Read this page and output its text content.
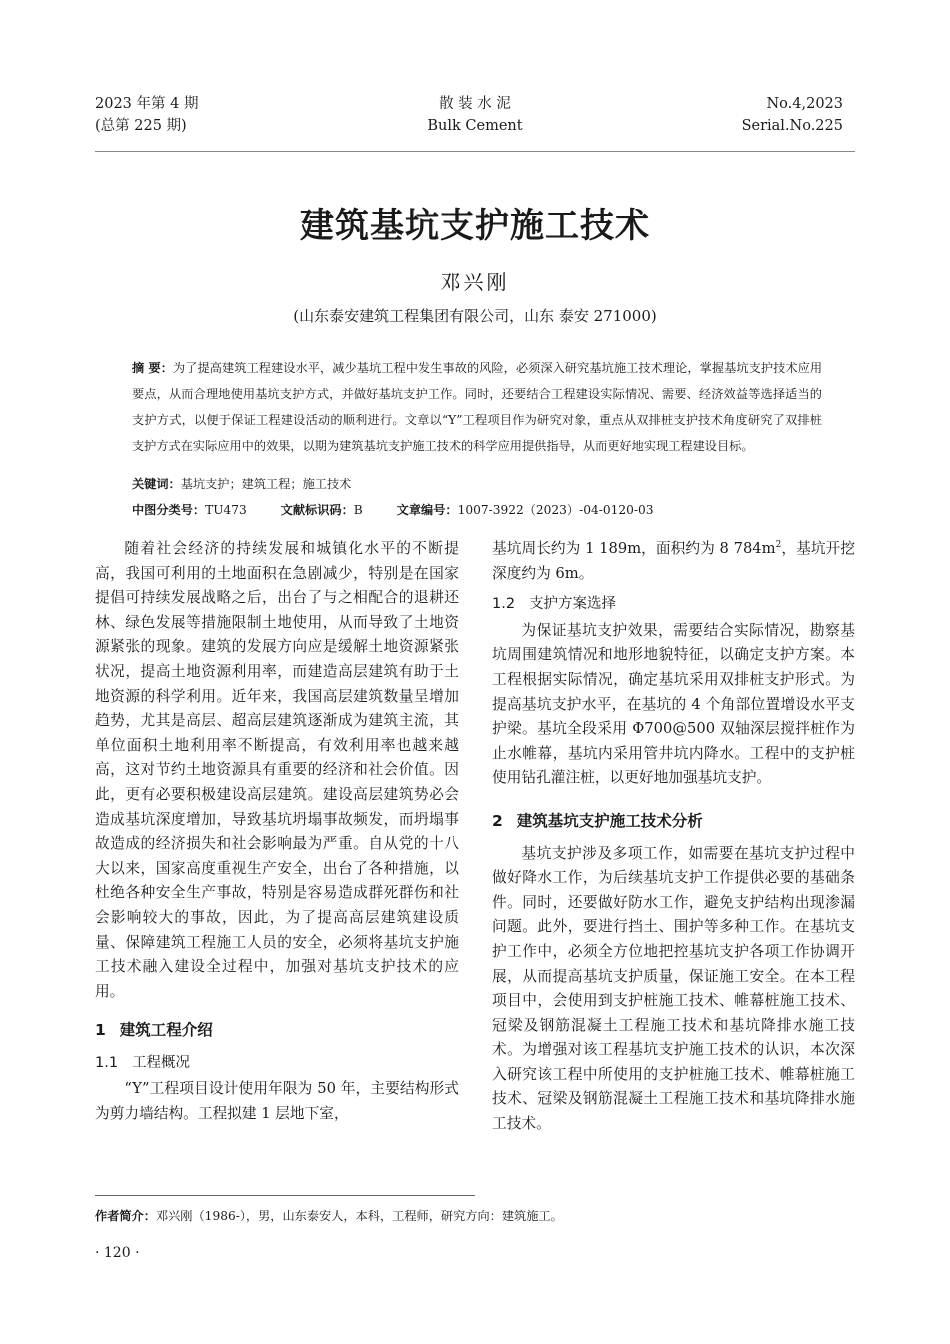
2023 年第 4 期
(总第 225 期)
散 装 水 泥
Bulk Cement
No.4,2023
Serial.No.225
建筑基坑支护施工技术
邓兴刚
(山东泰安建筑工程集团有限公司，山东 泰安 271000)
摘 要：为了提高建筑工程建设水平，减少基坑工程中发生事故的风险，必须深入研究基坑施工技术理论，掌握基坑支护技术应用要点，从而合理地使用基坑支护方式，并做好基坑支护工作。同时，还要结合工程建设实际情况、需要、经济效益等选择适当的支护方式，以便于保证工程建设活动的顺利进行。文章以“Y”工程项目作为研究对象，重点从双排桩支护技术角度研究了双排桩支护方式在实际应用中的效果，以期为建筑基坑支护施工技术的科学应用提供指导，从而更好地实现工程建设目标。
关键词：基坑支护；建筑工程；施工技术
中图分类号：TU473	文献标识码：B	文章编号：1007-3922（2023）-04-0120-03

随着社会经济的持续发展和城镇化水平的不断提高，我国可利用的土地面积在急剧减少，特别是在国家提倡可持续发展战略之后，出台了与之相配合的退耕还林、绿色发展等措施限制土地使用，从而导致了土地资源紧张的现象。建筑的发展方向应是缓解土地资源紧张状况，提高土地资源利用率，而建造高层建筑有助于土地资源的科学利用。近年来，我国高层建筑数量呈增加趋势，尤其是高层、超高层建筑逐渐成为建筑主流，其单位面积土地利用率不断提高，有效利用率也越来越高，这对节约土地资源具有重要的经济和社会价值。因此，更有必要积极建设高层建筑。建设高层建筑势必会造成基坑深度增加，导致基坑坍塌事故频发，而坍塌事故造成的经济损失和社会影响最为严重。自从党的十八大以来，国家高度重视生产安全，出台了各种措施，以杜绝各种安全生产事故，特别是容易造成群死群伤和社会影响较大的事故，因此，为了提高高层建筑建设质量、保障建筑工程施工人员的安全，必须将基坑支护施工技术融入建设全过程中，加强对基坑支护技术的应用。

1 建筑工程介绍
1.1 工程概况

“Y”工程项目设计使用年限为 50 年，主要结构形式为剪力墙结构。工程拟建 1 层地下室，

基坑周长约为 1 189m，面积约为 8 $784m^2$，基坑开挖深度约为 6m。

1.2 支护方案选择

为保证基坑支护效果，需要结合实际情况，勘察基坑周围建筑情况和地形地貌特征，以确定支护方案。本工程根据实际情况，确定基坑采用双排桩支护形式。为提高基坑支护水平，在基坑的 4 个角部位置增设水平支护梁。基坑全段采用 Φ700@500 双轴深层搅拌桩作为止水帷幕，基坑内采用管井坑内降水。工程中的支护桩使用钻孔灌注桩，以更好地加强基坑支护。

2 建筑基坑支护施工技术分析

基坑支护涉及多项工作，如需要在基坑支护过程中做好降水工作，为后续基坑支护工作提供必要的基础条件。同时，还要做好防水工作，避免支护结构出现渗漏问题。此外，要进行挡土、围护等多种工作。在基坑支护工作中，必须全方位地把控基坑支护各项工作协调开展，从而提高基坑支护质量，保证施工安全。在本工程项目中，会使用到支护桩施工技术、帷幕桩施工技术、冠梁及钢筋混凝土工程施工技术和基坑降排水施工技术。为增强对该工程基坑支护施工技术的认识，本次深入研究该工程中所使用的支护桩施工技术、帷幕桩施工技术、冠梁及钢筋混凝土工程施工技术和基坑降排水施工技术。

作者简介：邓兴刚（1986-），男，山东泰安人，本科，工程师，研究方向：建筑施工。
· 120 ·
